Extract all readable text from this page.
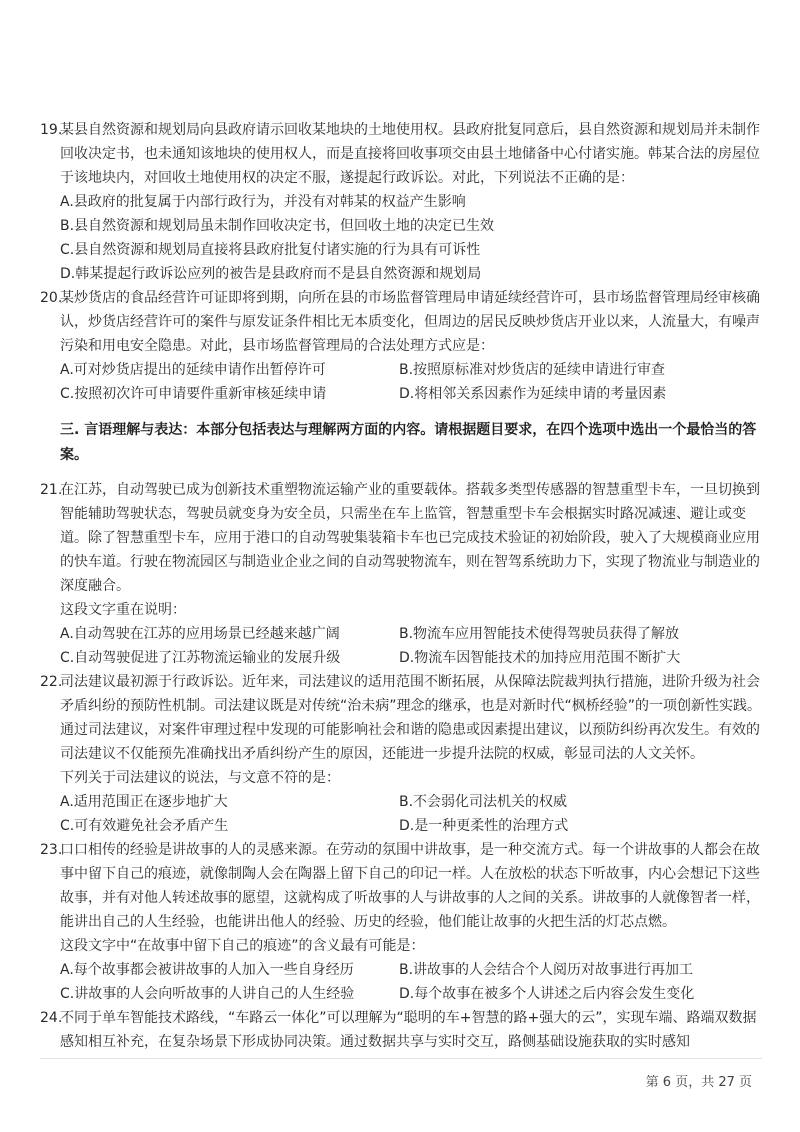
19.
某县自然资源和规划局向县政府请示回收某地块的土地使用权。县政府批复同意后，县自然资源和规划局并未制作回收决定书，也未通知该地块的使用权人，而是直接将回收事项交由县土地储备中心付诸实施。韩某合法的房屋位于该地块内，对回收土地使用权的决定不服，遂提起行政诉讼。对此，下列说法不正确的是：
A.县政府的批复属于内部行政行为，并没有对韩某的权益产生影响
B.县自然资源和规划局虽未制作回收决定书，但回收土地的决定已生效
C.县自然资源和规划局直接将县政府批复付诸实施的行为具有可诉性
D.韩某提起行政诉讼应列的被告是县政府而不是县自然资源和规划局
20.
某炒货店的食品经营许可证即将到期，向所在县的市场监督管理局申请延续经营许可，县市场监督管理局经审核确认，炒货店经营许可的案件与原发证条件相比无本质变化，但周边的居民反映炒货店开业以来，人流量大，有噪声污染和用电安全隐患。对此，县市场监督管理局的合法处理方式应是：
A.可对炒货店提出的延续申请作出暂停许可	B.按照原标准对炒货店的延续申请进行审查
C.按照初次许可申请要件重新审核延续申请	D.将相邻关系因素作为延续申请的考量因素
三. 言语理解与表达：本部分包括表达与理解两方面的内容。请根据题目要求，在四个选项中选出一个最恰当的答案。
21.
在江苏，自动驾驶已成为创新技术重塑物流运输产业的重要载体。搭载多类型传感器的智慧重型卡车，一旦切换到智能辅助驾驶状态，驾驶员就变身为安全员，只需坐在车上监管，智慧重型卡车会根据实时路况减速、避让或变道。除了智慧重型卡车，应用于港口的自动驾驶集装箱卡车也已完成技术验证的初始阶段，驶入了大规模商业应用的快车道。行驶在物流园区与制造业企业之间的自动驾驶物流车，则在智驾系统助力下，实现了物流业与制造业的深度融合。
这段文字重在说明：
A.自动驾驶在江苏的应用场景已经越来越广阔	B.物流车应用智能技术使得驾驶员获得了解放
C.自动驾驶促进了江苏物流运输业的发展升级	D.物流车因智能技术的加持应用范围不断扩大
22.
司法建议最初源于行政诉讼。近年来，司法建议的适用范围不断拓展，从保障法院裁判执行措施，进阶升级为社会矛盾纠纷的预防性机制。司法建议既是对传统“治未病”理念的继承，也是对新时代“枫桥经验”的一项创新性实践。通过司法建议，对案件审理过程中发现的可能影响社会和谐的隐患或因素提出建议，以预防纠纷再次发生。有效的司法建议不仅能预先准确找出矛盾纠纷产生的原因，还能进一步提升法院的权威，彰显司法的人文关怀。
下列关于司法建议的说法，与文意不符的是：
A.适用范围正在逐步地扩大	B.不会弱化司法机关的权威
C.可有效避免社会矛盾产生	D.是一种更柔性的治理方式
23.
口口相传的经验是讲故事的人的灵感来源。在劳动的氛围中讲故事，是一种交流方式。每一个讲故事的人都会在故事中留下自己的痕迹，就像制陶人会在陶器上留下自己的印记一样。人在放松的状态下听故事，内心会想记下这些故事，并有对他人转述故事的愿望，这就构成了听故事的人与讲故事的人之间的关系。讲故事的人就像智者一样，能讲出自己的人生经验，也能讲出他人的经验、历史的经验，他们能让故事的火把生活的灯芯点燃。
这段文字中“在故事中留下自己的痕迹”的含义最有可能是：
A.每个故事都会被讲故事的人加入一些自身经历	B.讲故事的人会结合个人阅历对故事进行再加工
C.讲故事的人会向听故事的人讲自己的人生经验	D.每个故事在被多个人讲述之后内容会发生变化
24.
不同于单车智能技术路线，“车路云一体化”可以理解为“聪明的车+智慧的路+强大的云”，实现车端、路端双数据感知相互补充，在复杂场景下形成协同决策。通过数据共享与实时交互，路侧基础设施获取的实时感知
第 6 页，共 27 页
